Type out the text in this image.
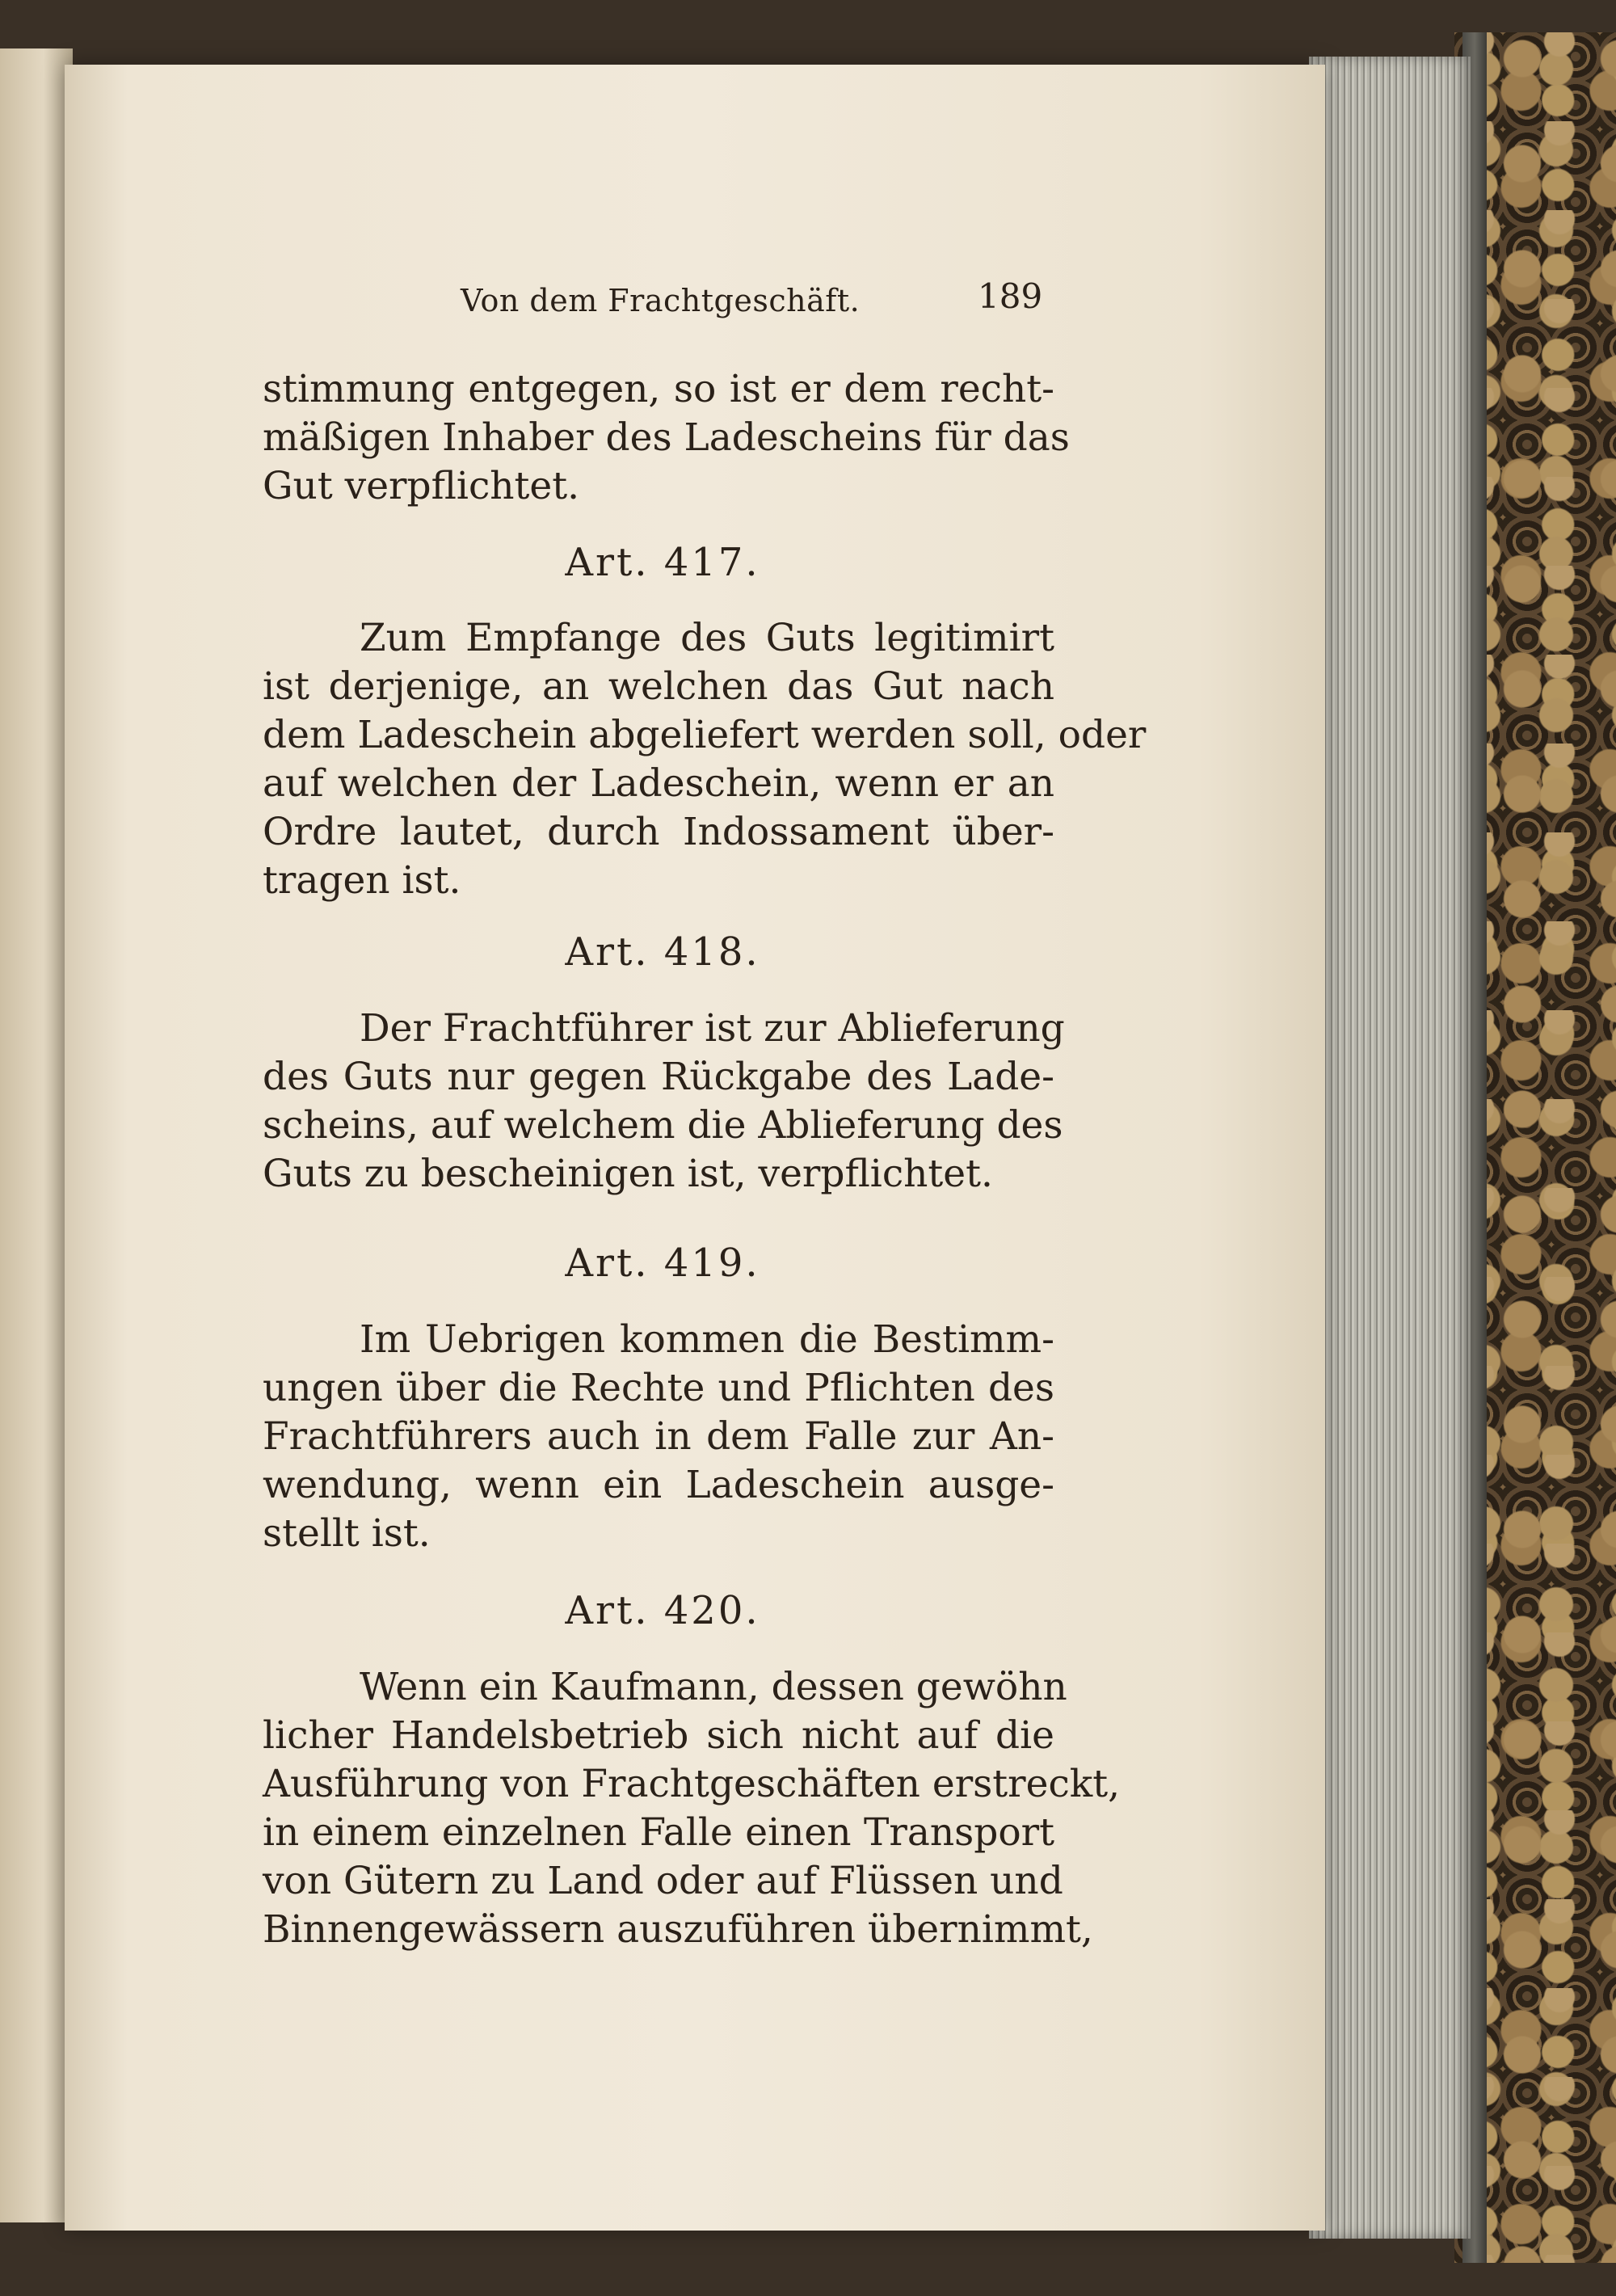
Von dem Frachtgeschäft.	189
stimmung entgegen, so ist er dem recht-
mäßigen Inhaber des Ladescheins für das
Gut verpflichtet.
Art. 417.
Zum Empfange des Guts legitimirt
ist derjenige, an welchen das Gut nach
dem Ladeschein abgeliefert werden soll, oder
auf welchen der Ladeschein, wenn er an
Ordre lautet, durch Indossament über-
tragen ist.
Art. 418.
Der Frachtführer ist zur Ablieferung
des Guts nur gegen Rückgabe des Lade-
scheins, auf welchem die Ablieferung des
Guts zu bescheinigen ist, verpflichtet.
Art. 419.
Im Uebrigen kommen die Bestimm-
ungen über die Rechte und Pflichten des
Frachtführers auch in dem Falle zur An-
wendung, wenn ein Ladeschein ausge-
stellt ist.
Art. 420.
Wenn ein Kaufmann, dessen gewöhn
licher Handelsbetrieb sich nicht auf die
Ausführung von Frachtgeschäften erstreckt,
in einem einzelnen Falle einen Transport
von Gütern zu Land oder auf Flüssen und
Binnengewässern auszuführen übernimmt,
